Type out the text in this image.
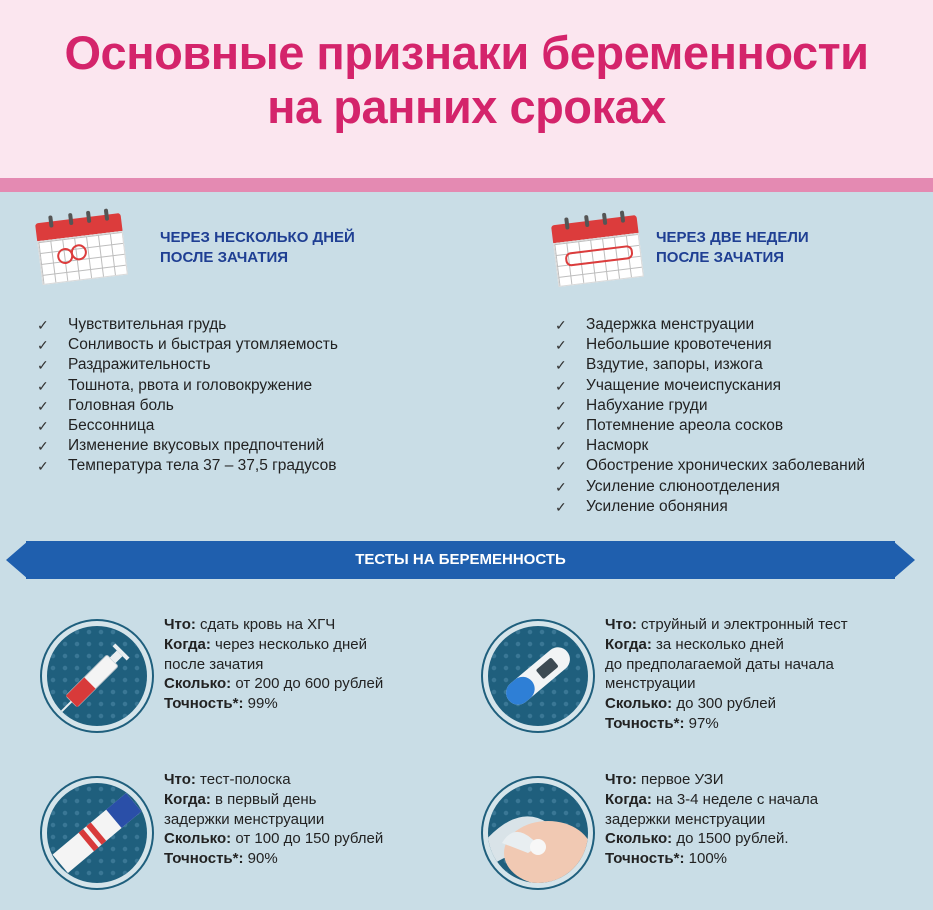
Основные признаки беременности
на ранних сроках
ЧЕРЕЗ НЕСКОЛЬКО ДНЕЙ
ПОСЛЕ ЗАЧАТИЯ
✓ Чувствительная грудь
✓ Сонливость и быстрая утомляемость
✓ Раздражительность
✓ Тошнота, рвота и головокружение
✓ Головная боль
✓ Бессонница
✓ Изменение вкусовых предпочтений
✓ Температура тела 37 – 37,5 градусов
ЧЕРЕЗ ДВЕ НЕДЕЛИ
ПОСЛЕ ЗАЧАТИЯ
✓ Задержка менструации
✓ Небольшие кровотечения
✓ Вздутие, запоры, изжога
✓ Учащение мочеиспускания
✓ Набухание груди
✓ Потемнение ареола сосков
✓ Насморк
✓ Обострение хронических заболеваний
✓ Усиление слюноотделения
✓ Усиление обоняния
ТЕСТЫ НА БЕРЕМЕННОСТЬ
Что: сдать кровь на ХГЧ
Когда: через несколько дней
после зачатия
Сколько: от 200 до 600 рублей
Точность*: 99%
Что: струйный и электронный тест
Когда: за несколько дней
до предполагаемой даты начала
менструации
Сколько: до 300 рублей
Точность*: 97%
Что: тест-полоска
Когда: в первый день
задержки менструации
Сколько: от 100 до 150 рублей
Точность*: 90%
Что: первое УЗИ
Когда: на 3-4 неделе с начала
задержки менструации
Сколько: до 1500 рублей.
Точность*: 100%
